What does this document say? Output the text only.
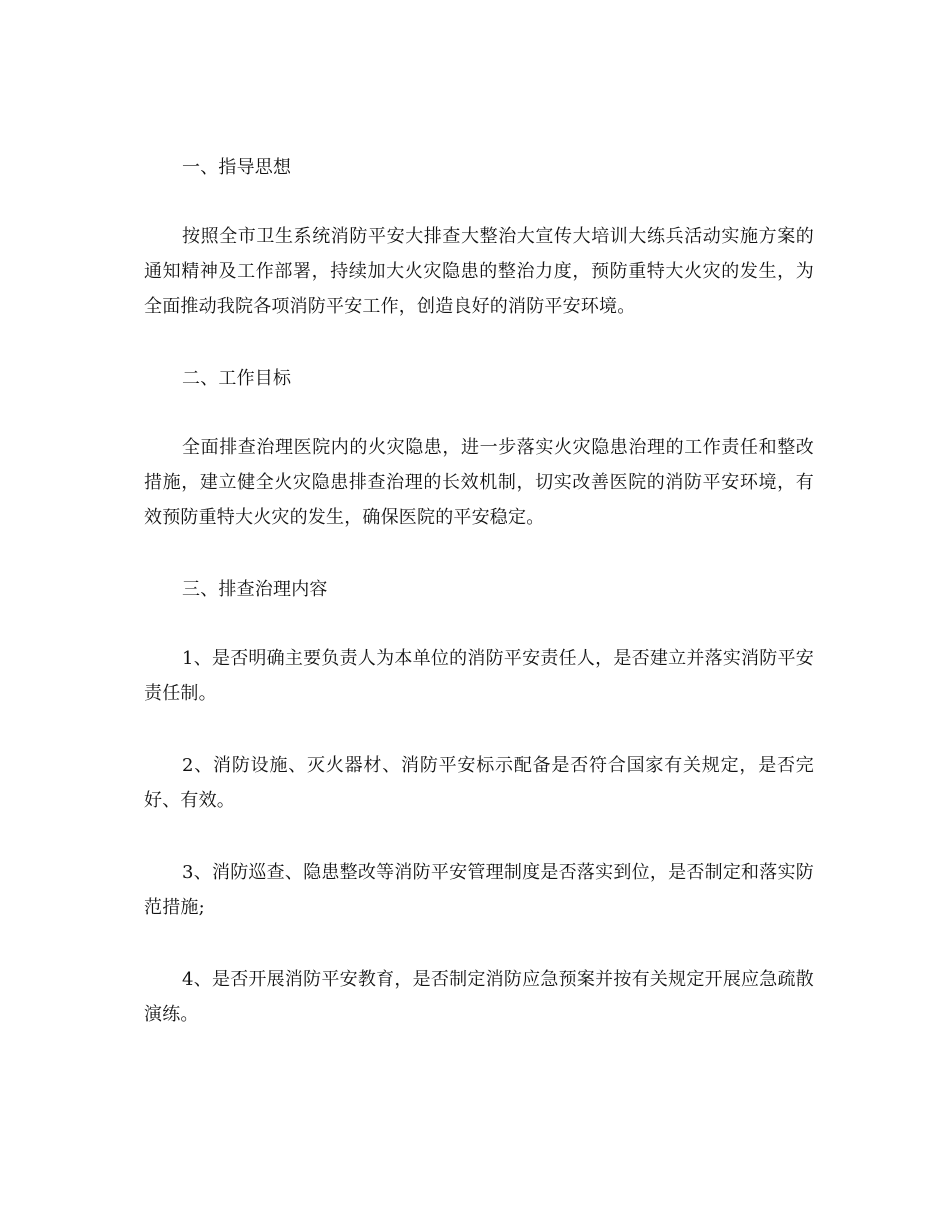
一、指导思想

按照全市卫生系统消防平安大排查大整治大宣传大培训大练兵活动实施方案的通知精神及工作部署，持续加大火灾隐患的整治力度，预防重特大火灾的发生，为全面推动我院各项消防平安工作，创造良好的消防平安环境。

二、工作目标

全面排查治理医院内的火灾隐患，进一步落实火灾隐患治理的工作责任和整改措施，建立健全火灾隐患排查治理的长效机制，切实改善医院的消防平安环境，有效预防重特大火灾的发生，确保医院的平安稳定。

三、排查治理内容

1、是否明确主要负责人为本单位的消防平安责任人，是否建立并落实消防平安责任制。

2、消防设施、灭火器材、消防平安标示配备是否符合国家有关规定，是否完好、有效。

3、消防巡查、隐患整改等消防平安管理制度是否落实到位，是否制定和落实防范措施;

4、是否开展消防平安教育，是否制定消防应急预案并按有关规定开展应急疏散演练。
